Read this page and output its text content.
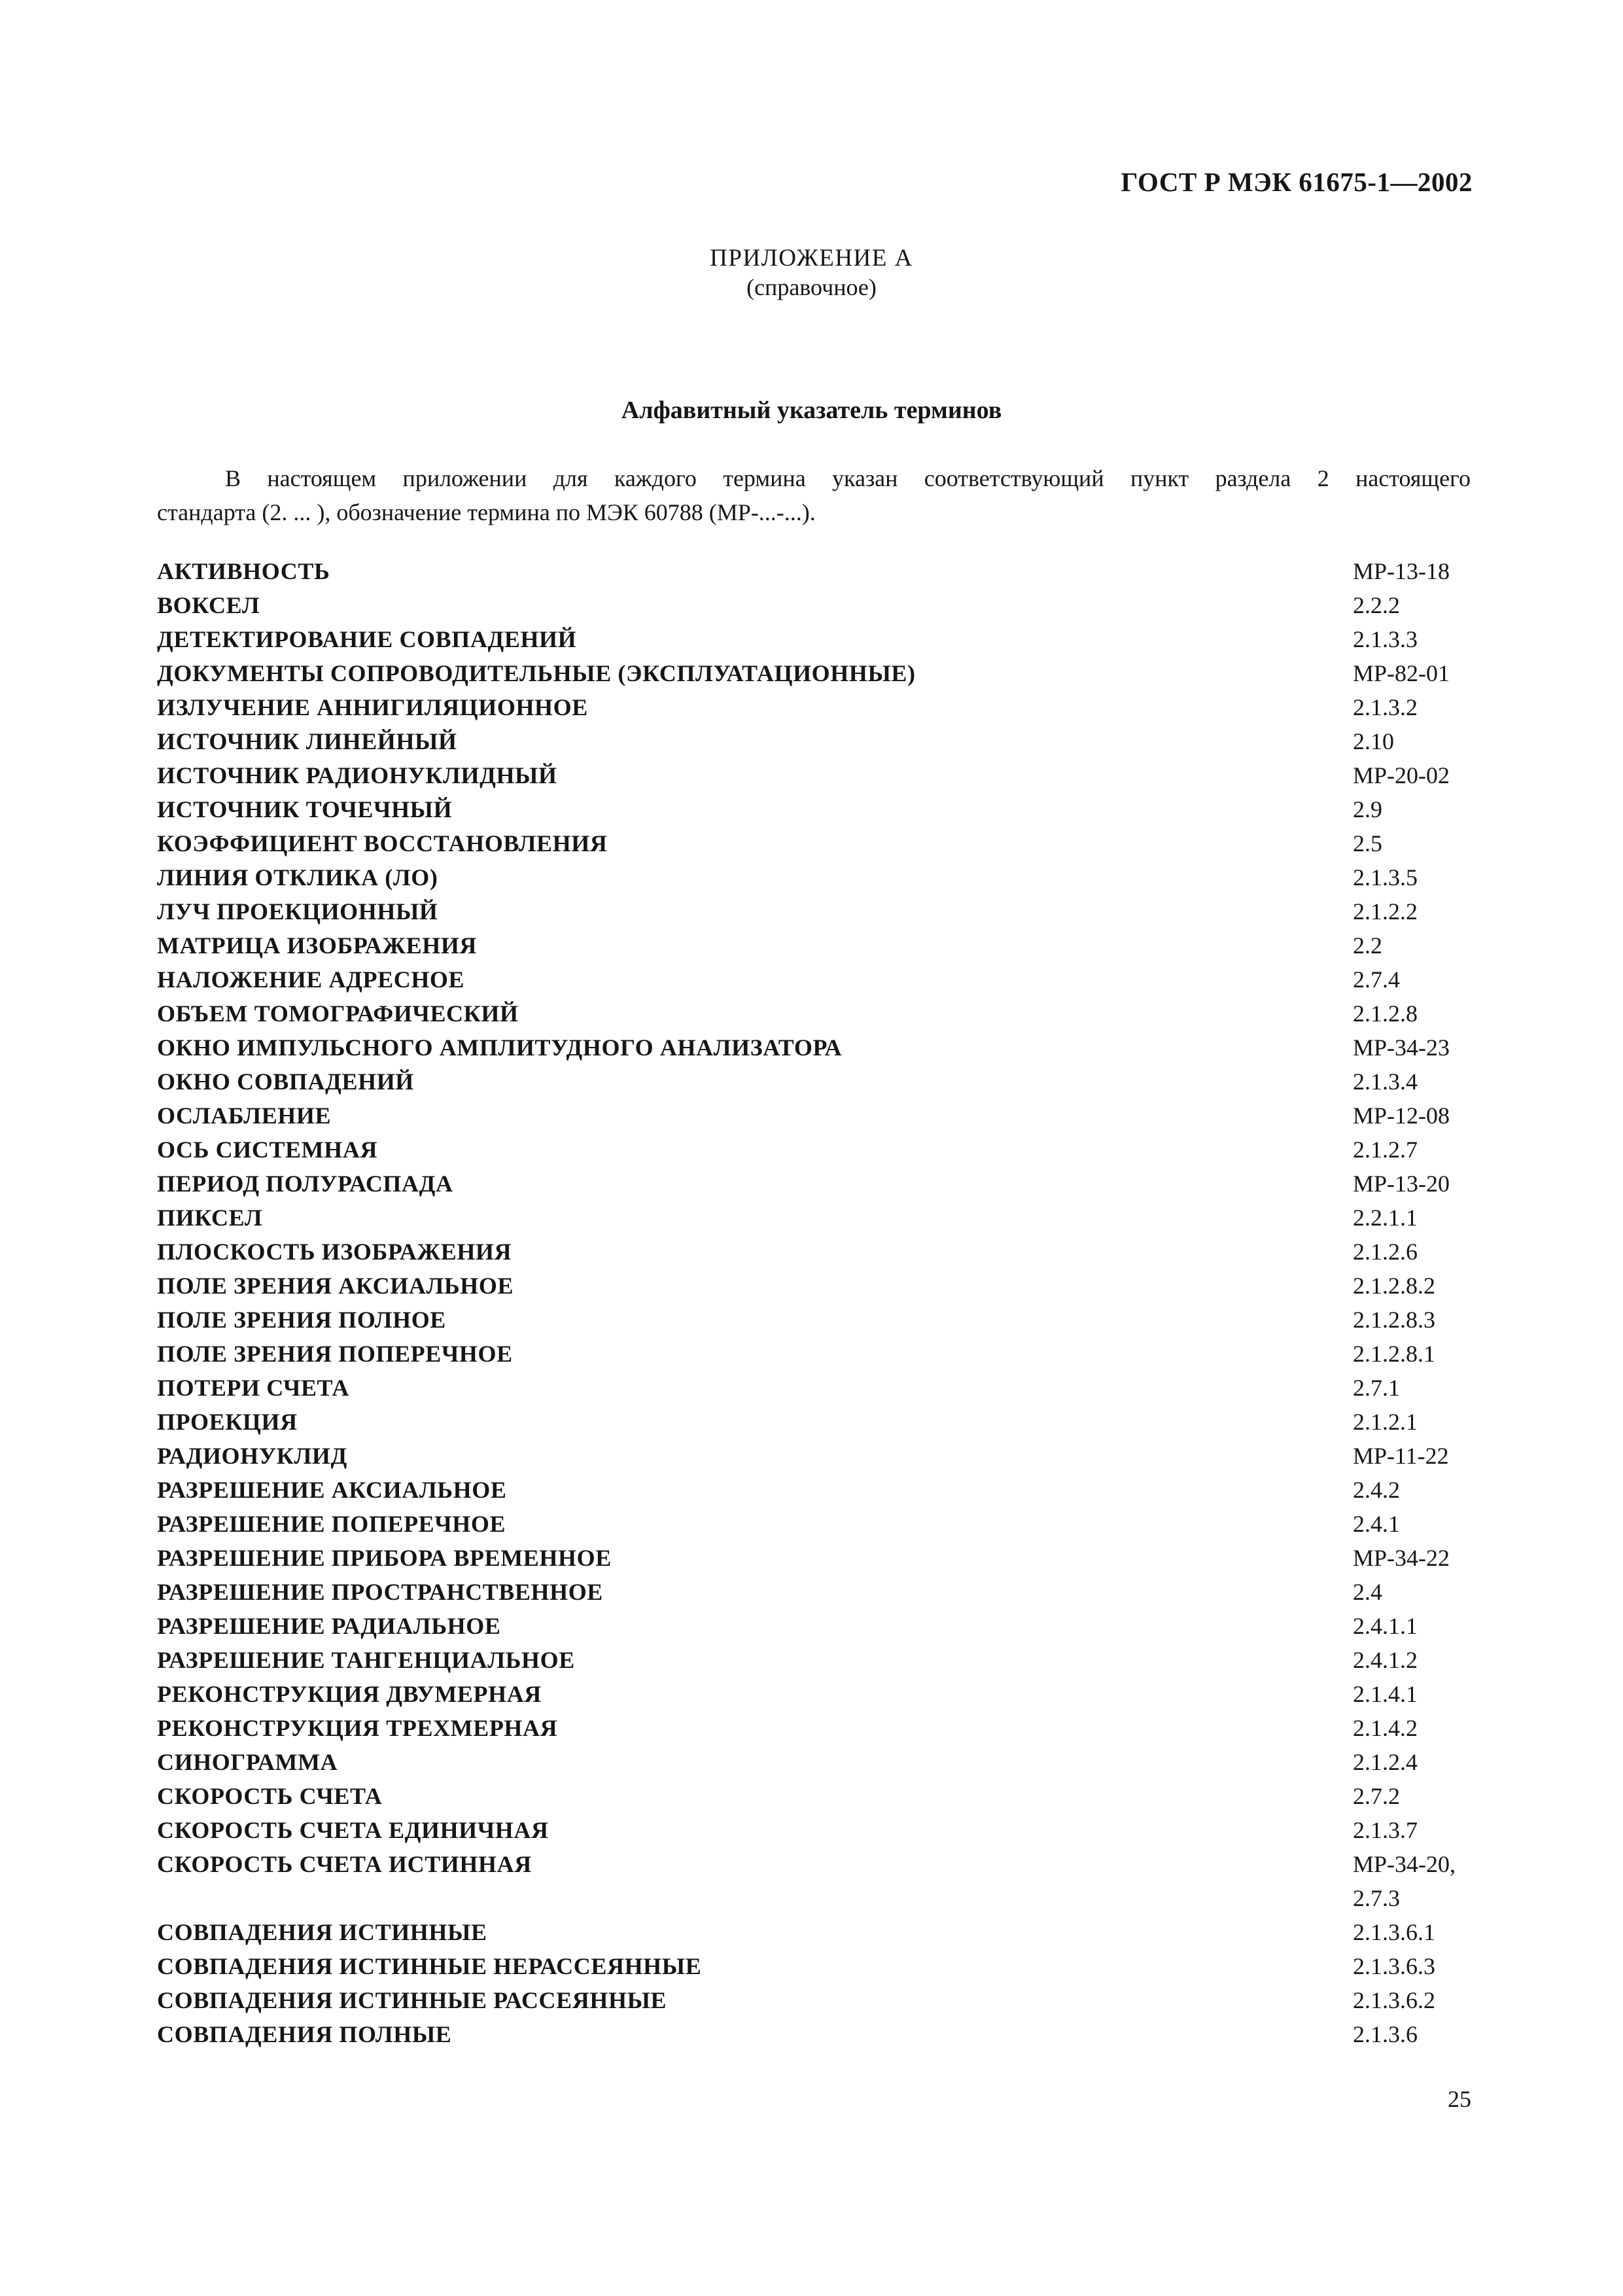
ГОСТ Р МЭК 61675-1—2002
ПРИЛОЖЕНИЕ А
(справочное)
Алфавитный указатель терминов
В настоящем приложении для каждого термина указан соответствующий пункт раздела 2 настоящего
стандарта (2. ... ), обозначение термина по МЭК 60788 (МР-...-...).
АКТИВНОСТЬ	МР-13-18
ВОКСЕЛ	2.2.2
ДЕТЕКТИРОВАНИЕ СОВПАДЕНИЙ	2.1.3.3
ДОКУМЕНТЫ СОПРОВОДИТЕЛЬНЫЕ (ЭКСПЛУАТАЦИОННЫЕ)	МР-82-01
ИЗЛУЧЕНИЕ АННИГИЛЯЦИОННОЕ	2.1.3.2
ИСТОЧНИК ЛИНЕЙНЫЙ	2.10
ИСТОЧНИК РАДИОНУКЛИДНЫЙ	МР-20-02
ИСТОЧНИК ТОЧЕЧНЫЙ	2.9
КОЭФФИЦИЕНТ ВОССТАНОВЛЕНИЯ	2.5
ЛИНИЯ ОТКЛИКА (ЛО)	2.1.3.5
ЛУЧ ПРОЕКЦИОННЫЙ	2.1.2.2
МАТРИЦА ИЗОБРАЖЕНИЯ	2.2
НАЛОЖЕНИЕ АДРЕСНОЕ	2.7.4
ОБЪЕМ ТОМОГРАФИЧЕСКИЙ	2.1.2.8
ОКНО ИМПУЛЬСНОГО АМПЛИТУДНОГО АНАЛИЗАТОРА	МР-34-23
ОКНО СОВПАДЕНИЙ	2.1.3.4
ОСЛАБЛЕНИЕ	МР-12-08
ОСЬ СИСТЕМНАЯ	2.1.2.7
ПЕРИОД ПОЛУРАСПАДА	МР-13-20
ПИКСЕЛ	2.2.1.1
ПЛОСКОСТЬ ИЗОБРАЖЕНИЯ	2.1.2.6
ПОЛЕ ЗРЕНИЯ АКСИАЛЬНОЕ	2.1.2.8.2
ПОЛЕ ЗРЕНИЯ ПОЛНОЕ	2.1.2.8.3
ПОЛЕ ЗРЕНИЯ ПОПЕРЕЧНОЕ	2.1.2.8.1
ПОТЕРИ СЧЕТА	2.7.1
ПРОЕКЦИЯ	2.1.2.1
РАДИОНУКЛИД	МР-11-22
РАЗРЕШЕНИЕ АКСИАЛЬНОЕ	2.4.2
РАЗРЕШЕНИЕ ПОПЕРЕЧНОЕ	2.4.1
РАЗРЕШЕНИЕ ПРИБОРА ВРЕМЕННОЕ	МР-34-22
РАЗРЕШЕНИЕ ПРОСТРАНСТВЕННОЕ	2.4
РАЗРЕШЕНИЕ РАДИАЛЬНОЕ	2.4.1.1
РАЗРЕШЕНИЕ ТАНГЕНЦИАЛЬНОЕ	2.4.1.2
РЕКОНСТРУКЦИЯ ДВУМЕРНАЯ	2.1.4.1
РЕКОНСТРУКЦИЯ ТРЕХМЕРНАЯ	2.1.4.2
СИНОГРАММА	2.1.2.4
СКОРОСТЬ СЧЕТА	2.7.2
СКОРОСТЬ СЧЕТА ЕДИНИЧНАЯ	2.1.3.7
СКОРОСТЬ СЧЕТА ИСТИННАЯ	МР-34-20,
2.7.3
СОВПАДЕНИЯ ИСТИННЫЕ	2.1.3.6.1
СОВПАДЕНИЯ ИСТИННЫЕ НЕРАССЕЯННЫЕ	2.1.3.6.3
СОВПАДЕНИЯ ИСТИННЫЕ РАССЕЯННЫЕ	2.1.3.6.2
СОВПАДЕНИЯ ПОЛНЫЕ	2.1.3.6
25
